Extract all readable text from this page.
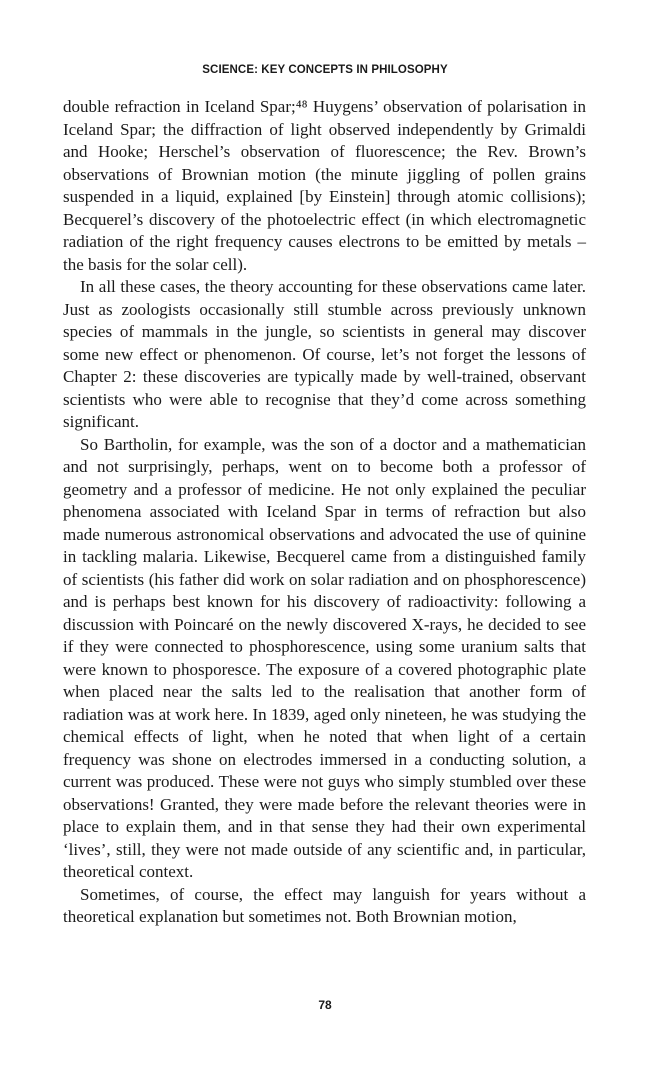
SCIENCE: KEY CONCEPTS IN PHILOSOPHY

double refraction in Iceland Spar;⁴⁸ Huygens’ observation of polarisation in Iceland Spar; the diffraction of light observed independently by Grimaldi and Hooke; Herschel’s observation of fluorescence; the Rev. Brown’s observations of Brownian motion (the minute jiggling of pollen grains suspended in a liquid, explained [by Einstein] through atomic collisions); Becquerel’s discovery of the photoelectric effect (in which electromagnetic radiation of the right frequency causes electrons to be emitted by metals – the basis for the solar cell).

In all these cases, the theory accounting for these observations came later. Just as zoologists occasionally still stumble across previously unknown species of mammals in the jungle, so scientists in general may discover some new effect or phenomenon. Of course, let’s not forget the lessons of Chapter 2: these discoveries are typically made by well-trained, observant scientists who were able to recognise that they’d come across something significant.

So Bartholin, for example, was the son of a doctor and a mathematician and not surprisingly, perhaps, went on to become both a professor of geometry and a professor of medicine. He not only explained the peculiar phenomena associated with Iceland Spar in terms of refraction but also made numerous astronomical observations and advocated the use of quinine in tackling malaria. Likewise, Becquerel came from a distinguished family of scientists (his father did work on solar radiation and on phosphorescence) and is perhaps best known for his discovery of radioactivity: following a discussion with Poincaré on the newly discovered X-rays, he decided to see if they were connected to phosphorescence, using some uranium salts that were known to phosporesce. The exposure of a covered photographic plate when placed near the salts led to the realisation that another form of radiation was at work here. In 1839, aged only nineteen, he was studying the chemical effects of light, when he noted that when light of a certain frequency was shone on electrodes immersed in a conducting solution, a current was produced. These were not guys who simply stumbled over these observations! Granted, they were made before the relevant theories were in place to explain them, and in that sense they had their own experimental ‘lives’, still, they were not made outside of any scientific and, in particular, theoretical context.

Sometimes, of course, the effect may languish for years without a theoretical explanation but sometimes not. Both Brownian motion,

78
